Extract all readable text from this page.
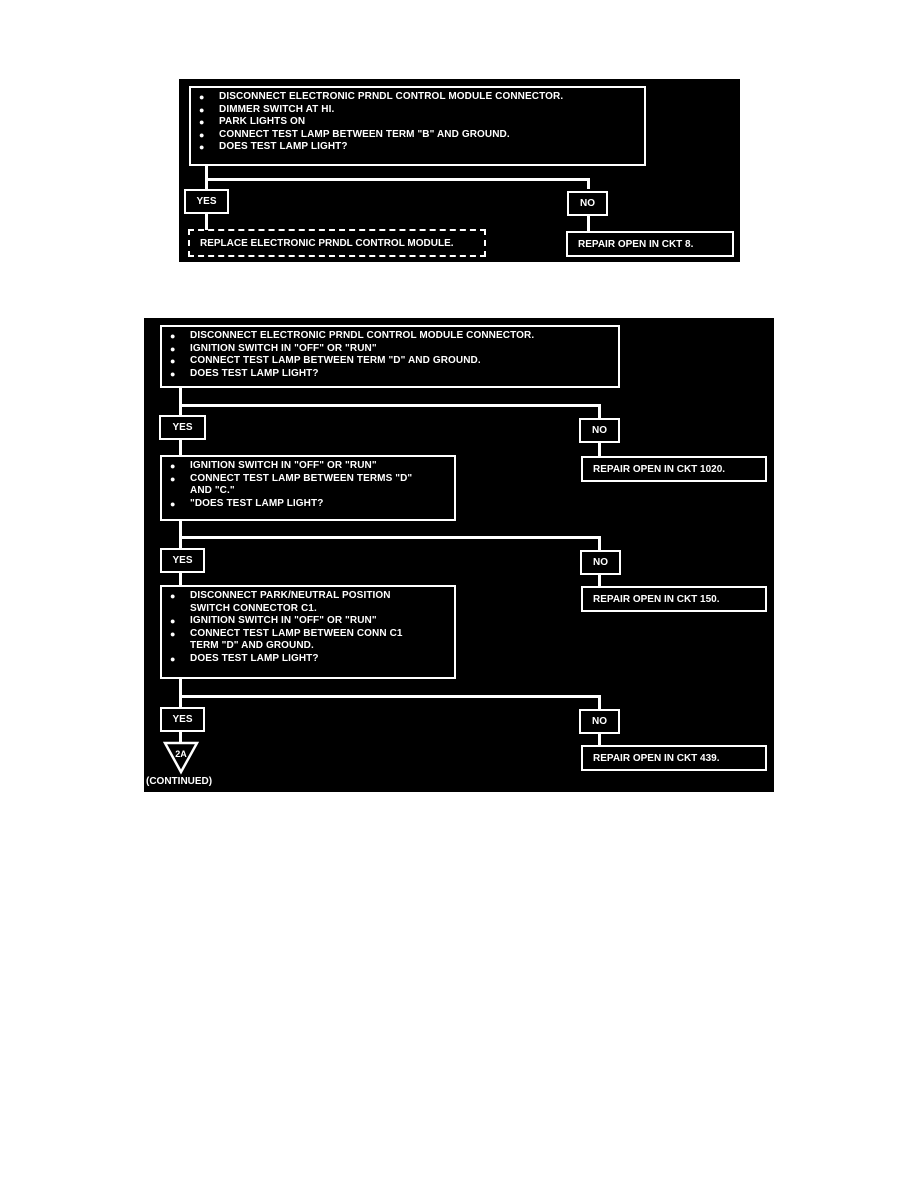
● DISCONNECT ELECTRONIC PRNDL CONTROL MODULE CONNECTOR.
● DIMMER SWITCH AT HI.
● PARK LIGHTS ON
● CONNECT TEST LAMP BETWEEN TERM "B" AND GROUND.
● DOES TEST LAMP LIGHT?
YES	NO
REPLACE ELECTRONIC PRNDL CONTROL MODULE.	REPAIR OPEN IN CKT 8.
● DISCONNECT ELECTRONIC PRNDL CONTROL MODULE CONNECTOR.
● IGNITION SWITCH IN "OFF" OR "RUN"
● CONNECT TEST LAMP BETWEEN TERM "D" AND GROUND.
● DOES TEST LAMP LIGHT?
YES	NO
REPAIR OPEN IN CKT 1020.
● IGNITION SWITCH IN "OFF" OR "RUN"
● CONNECT TEST LAMP BETWEEN TERMS "D"
AND "C."
● "DOES TEST LAMP LIGHT?
YES	NO
REPAIR OPEN IN CKT 150.
● DISCONNECT PARK/NEUTRAL POSITION
SWITCH CONNECTOR C1.
● IGNITION SWITCH IN "OFF" OR "RUN"
● CONNECT TEST LAMP BETWEEN CONN C1
TERM "D" AND GROUND.
● DOES TEST LAMP LIGHT?
YES	NO
REPAIR OPEN IN CKT 439.
2A
(CONTINUED)
